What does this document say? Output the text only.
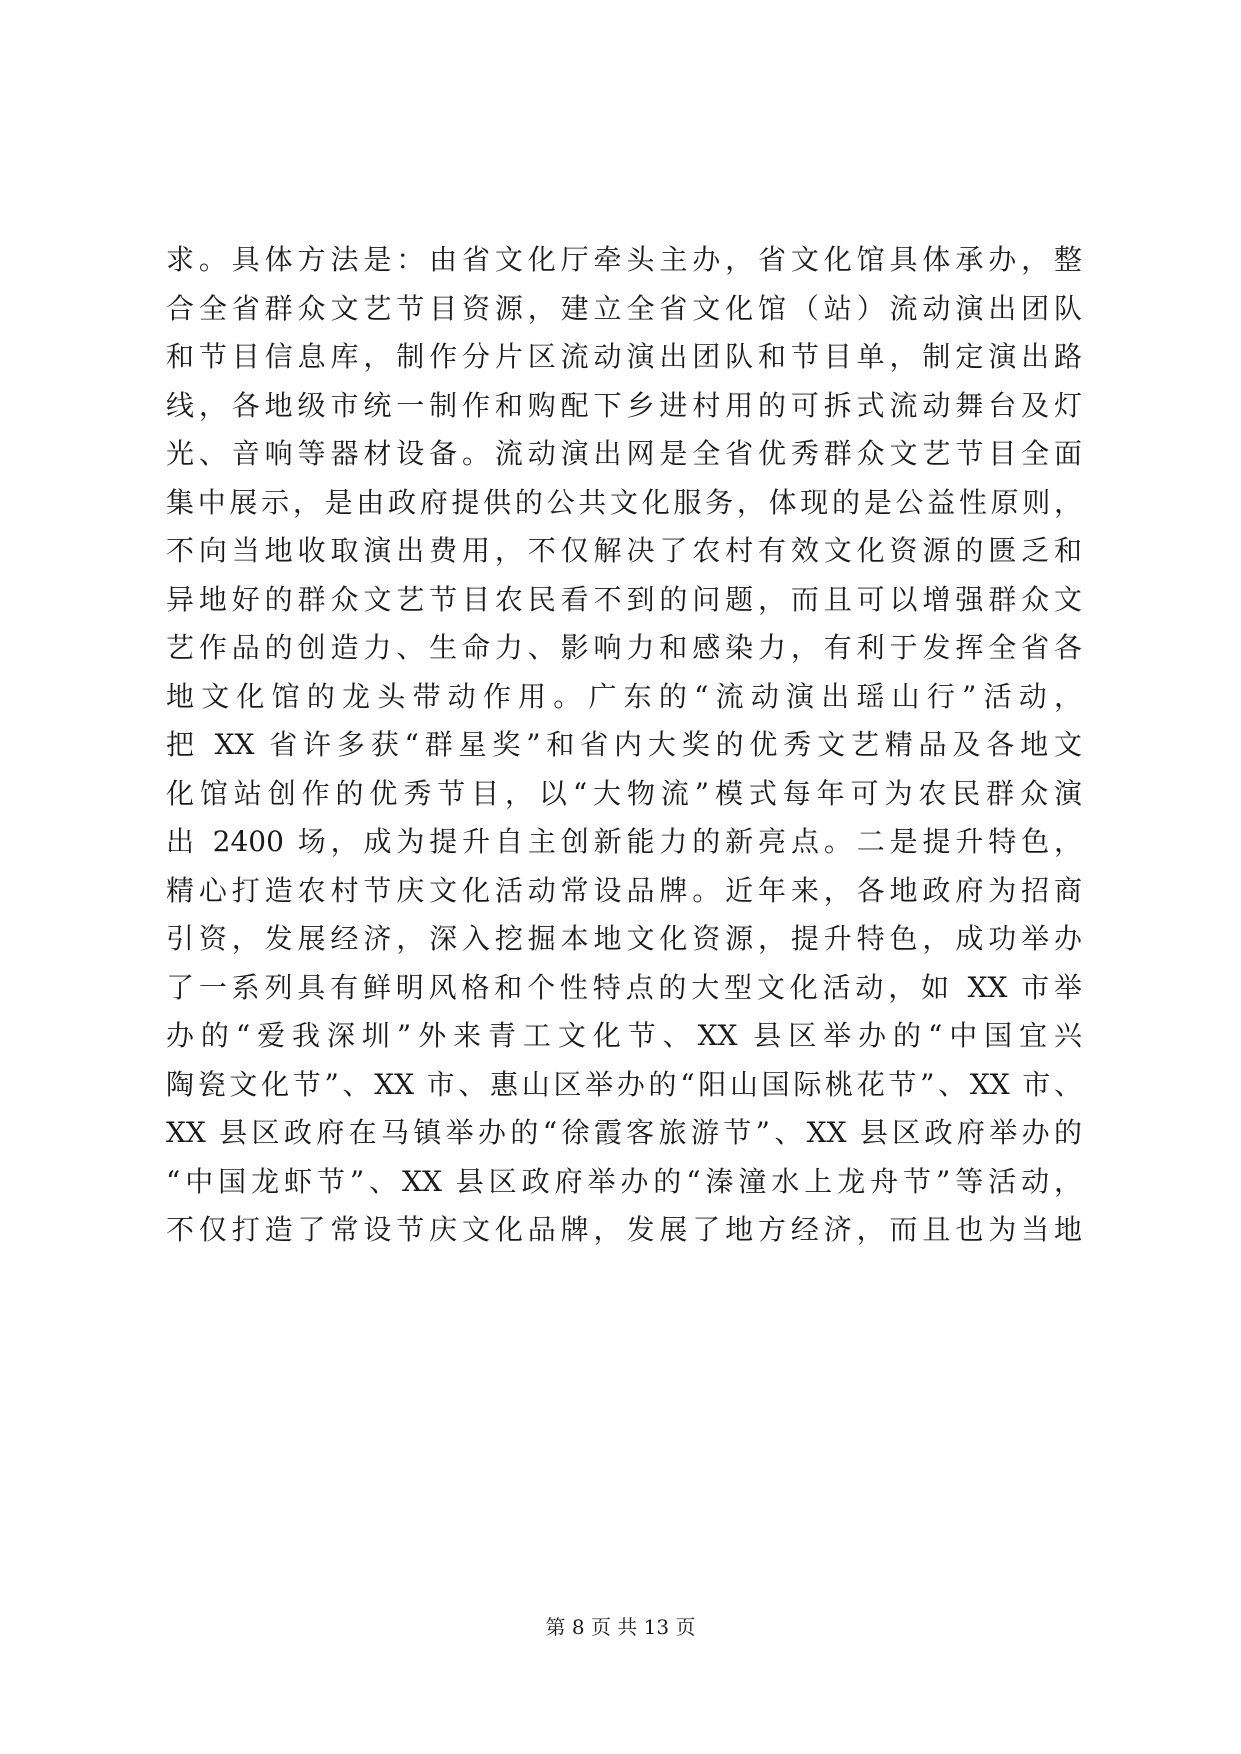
求。具体方法是：由省文化厅牵头主办，省文化馆具体承办，整
合全省群众文艺节目资源，建立全省文化馆（站）流动演出团队
和节目信息库，制作分片区流动演出团队和节目单，制定演出路
线，各地级市统一制作和购配下乡进村用的可拆式流动舞台及灯
光、音响等器材设备。流动演出网是全省优秀群众文艺节目全面
集中展示，是由政府提供的公共文化服务，体现的是公益性原则，
不向当地收取演出费用，不仅解决了农村有效文化资源的匮乏和
异地好的群众文艺节目农民看不到的问题，而且可以增强群众文
艺作品的创造力、生命力、影响力和感染力，有利于发挥全省各
地文化馆的龙头带动作用。广东的“流动演出瑶山行”活动，
把 XX 省许多获“群星奖”和省内大奖的优秀文艺精品及各地文
化馆站创作的优秀节目，以“大物流”模式每年可为农民群众演
出 2400 场，成为提升自主创新能力的新亮点。二是提升特色，
精心打造农村节庆文化活动常设品牌。近年来，各地政府为招商
引资，发展经济，深入挖掘本地文化资源，提升特色，成功举办
了一系列具有鲜明风格和个性特点的大型文化活动，如 XX 市举
办的“爱我深圳”外来青工文化节、XX 县区举办的“中国宜兴
陶瓷文化节”、XX 市、惠山区举办的“阳山国际桃花节”、XX 市、
XX 县区政府在马镇举办的“徐霞客旅游节”、XX 县区政府举办的
“中国龙虾节”、XX 县区政府举办的“溱潼水上龙舟节”等活动，
不仅打造了常设节庆文化品牌，发展了地方经济，而且也为当地
第 8 页 共 13 页
